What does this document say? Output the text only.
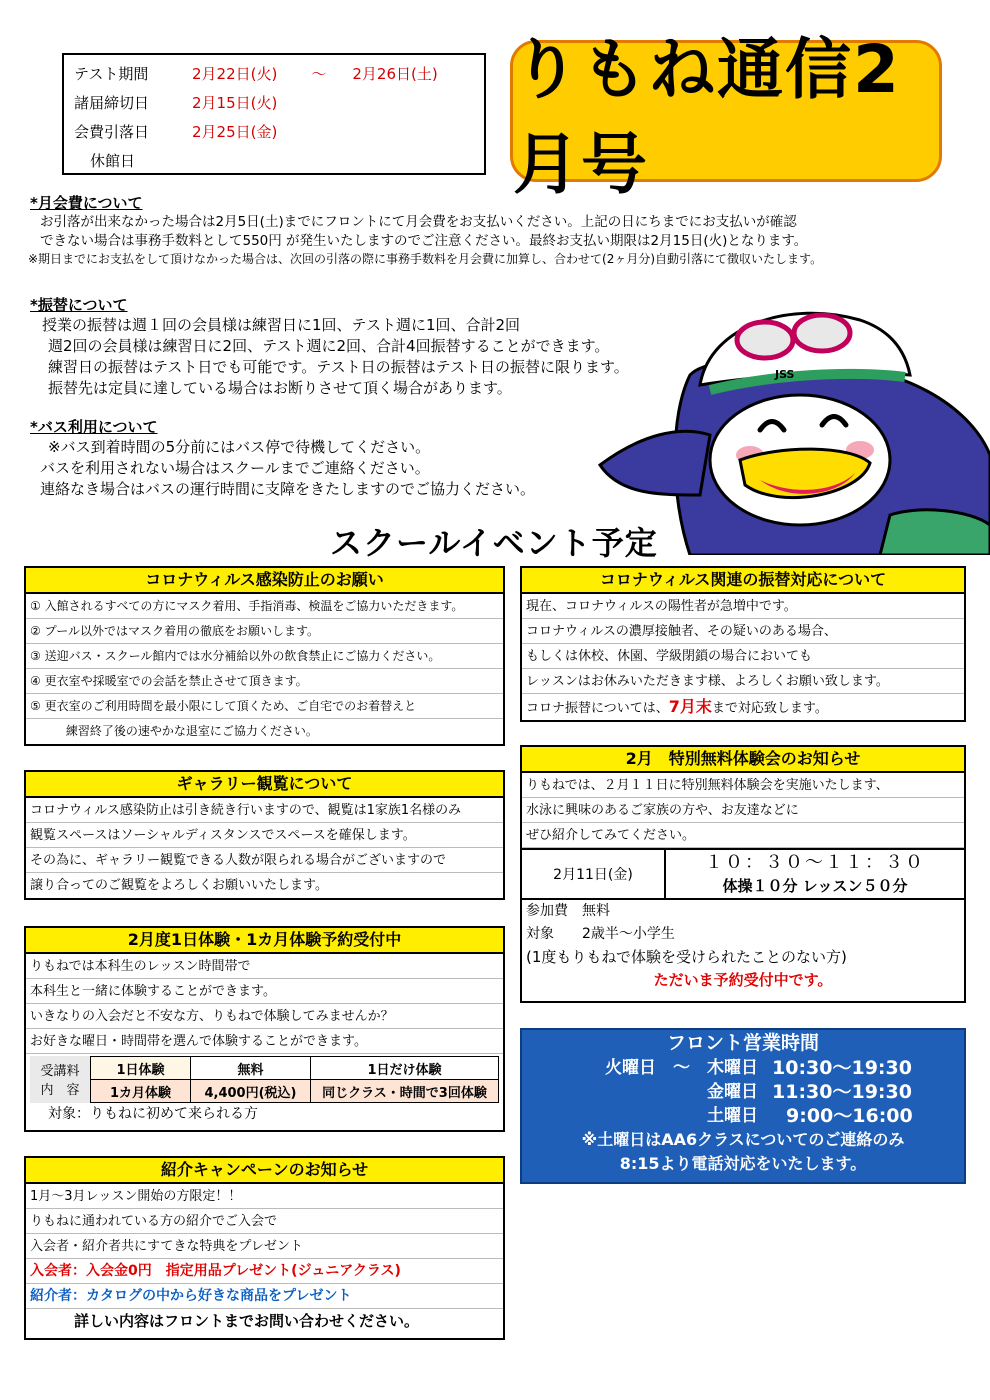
テスト期間	2月22日(火) ～ 2月26日(土)
諸届締切日	2月15日(火)
会費引落日	2月25日(金)
休館日
りもね通信2月号
*月会費について
お引落が出来なかった場合は2月5日(土)までにフロントにて月会費をお支払いください。上記の日にちまでにお支払いが確認
できない場合は事務手数料として550円 が発生いたしますのでご注意ください。最終お支払い期限は2月15日(火)となります。
※期日までにお支払をして頂けなかった場合は、次回の引落の際に事務手数料を月会費に加算し、合わせて(2ヶ月分)自動引落にて徴収いたします。
*振替について
授業の振替は週１回の会員様は練習日に1回、テスト週に1回、合計2回
週2回の会員様は練習日に2回、テスト週に2回、合計4回振替することができます。
練習日の振替はテスト日でも可能です。テスト日の振替はテスト日の振替に限ります。
振替先は定員に達している場合はお断りさせて頂く場合があります。
*バス利用について
※バス到着時間の5分前にはバス停で待機してください。
バスを利用されない場合はスクールまでご連絡ください。
連絡なき場合はバスの運行時間に支障をきたしますのでご協力ください。
JSS
スクールイベント予定
コロナウィルス感染防止のお願い
① 入館されるすべての方にマスク着用、手指消毒、検温をご協力いただきます。
② プール以外ではマスク着用の徹底をお願いします。
③ 送迎バス・スクール館内では水分補給以外の飲食禁止にご協力ください。
④ 更衣室や採暖室での会話を禁止させて頂きます。
⑤ 更衣室のご利用時間を最小限にして頂くため、ご自宅でのお着替えと
　 練習終了後の速やかな退室にご協力ください。
コロナウィルス関連の振替対応について
現在、コロナウィルスの陽性者が急増中です。
コロナウィルスの濃厚接触者、その疑いのある場合、
もしくは休校、休園、学級閉鎖の場合においても
レッスンはお休みいただきます様、よろしくお願い致します。
コロナ振替については、7月末まで対応致します。
ギャラリー観覧について
コロナウィルス感染防止は引き続き行いますので、観覧は1家族1名様のみ
観覧スペースはソーシャルディスタンスでスペースを確保します。
その為に、ギャラリー観覧できる人数が限られる場合がございますので
譲り合ってのご観覧をよろしくお願いいたします。
2月　特別無料体験会のお知らせ
りもねでは、２月１１日に特別無料体験会を実施いたします、
水泳に興味のあるご家族の方や、お友達などに
ぜひ紹介してみてください。
2月11日(金)
１０：３０～１１：３０
体操１０分 レッスン５０分
参加費　無料
対象　　2歳半～小学生
(1度もりもねで体験を受けられたことのない方)
ただいま予約受付中です。
2月度1日体験・1カ月体験予約受付中
りもねでは本科生のレッスン時間帯で
本科生と一緒に体験することができます。
いきなりの入会だと不安な方、りもねで体験してみませんか？
お好きな曜日・時間帯を選んで体験することができます。
受講料
内　容
1日体験	無料	1日だけ体験
1カ月体験	4,400円(税込)	同じクラス・時間で3回体験
対象：りもねに初めて来られる方
フロント営業時間
火曜日　～　木曜日 10:30～19:30
金曜日 11:30～19:30
土曜日	9:00～16:00
※土曜日はAA6クラスについてのご連絡のみ
8:15より電話対応をいたします。
紹介キャンペーンのお知らせ
1月～3月レッスン開始の方限定！！
りもねに通われている方の紹介でご入会で
入会者・紹介者共にすてきな特典をプレゼント
入会者：入会金0円　指定用品プレゼント(ジュニアクラス)
紹介者：カタログの中から好きな商品をプレゼント
詳しい内容はフロントまでお問い合わせください。
